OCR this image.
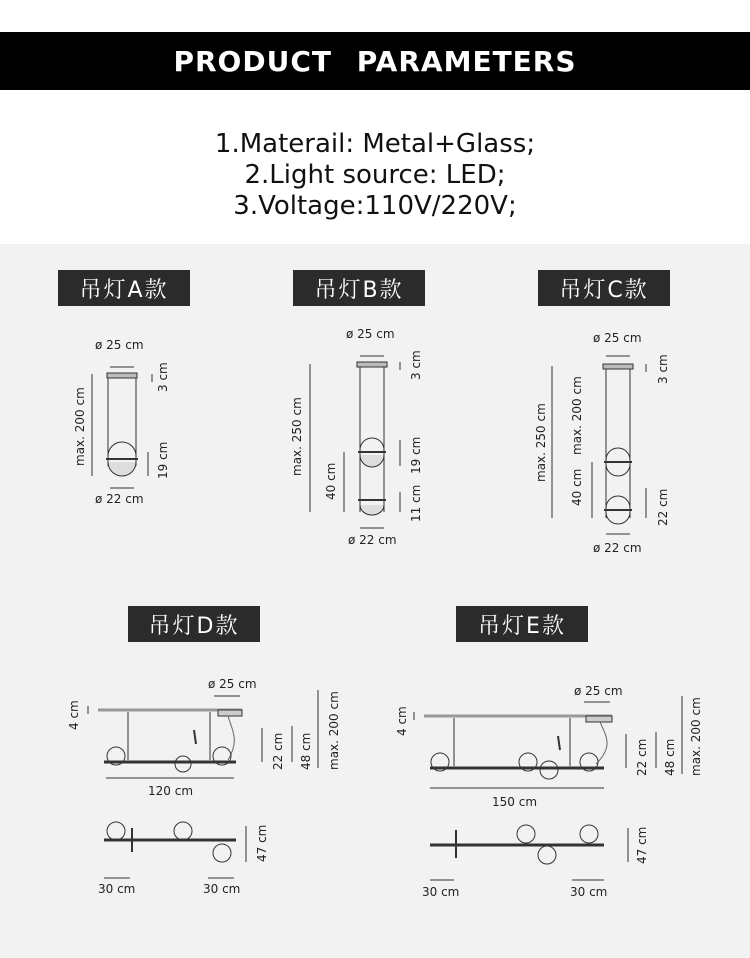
PRODUCT PARAMETERS
1.Materail: Metal+Glass;
2.Light source: LED;
3.Voltage:110V/220V;
吊灯A款	吊灯B款	吊灯C款
吊灯D款	吊灯E款
ø 25 cm
ø 22 cm
max. 200 cm
3 cm
19 cm
ø 25 cm
ø 22 cm
max. 250 cm
40 cm
3 cm
19 cm
11 cm
ø 25 cm
ø 22 cm
max. 250 cm max. 200 cm
40 cm
3 cm
22 cm
ø 25 cm
4 cm
120 cm
22 cm 48 cm max. 200 cm
47 cm
30 cm	30 cm
ø 25 cm
4 cm
150 cm
22 cm 48 cm max. 200 cm
47 cm
30 cm	30 cm
